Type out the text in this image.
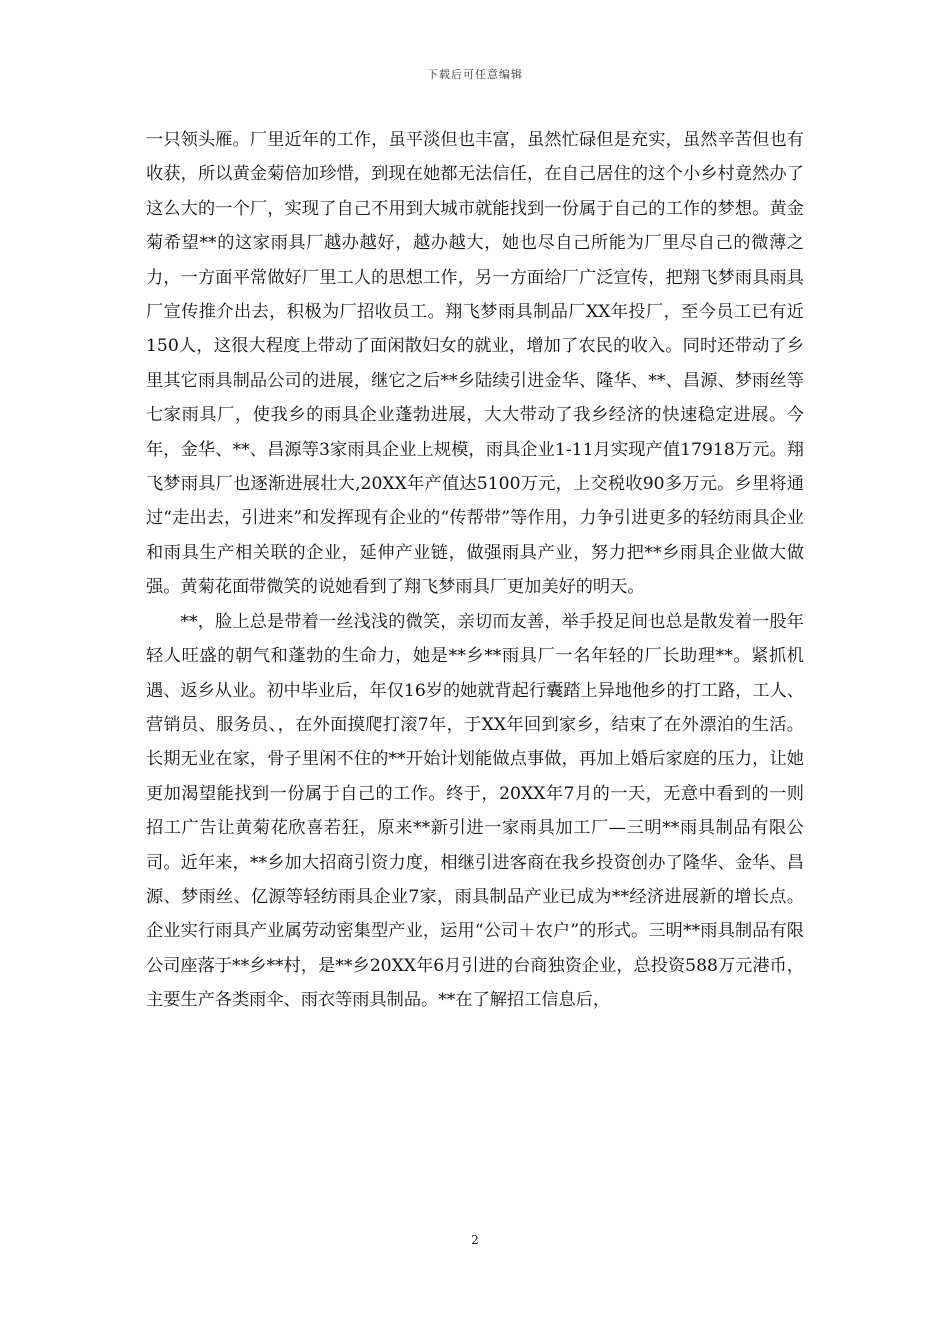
下载后可任意编辑

一只领头雁。厂里近年的工作，虽平淡但也丰富，虽然忙碌但是充实，虽然辛苦但也有收获，所以黄金菊倍加珍惜，到现在她都无法信任，在自己居住的这个小乡村竟然办了这么大的一个厂，实现了自己不用到大城市就能找到一份属于自己的工作的梦想。黄金菊希望**的这家雨具厂越办越好，越办越大，她也尽自己所能为厂里尽自己的微薄之力，一方面平常做好厂里工人的思想工作，另一方面给厂广泛宣传，把翔飞梦雨具雨具厂宣传推介出去，积极为厂招收员工。翔飞梦雨具制品厂XX年投厂，至今员工已有近150人，这很大程度上带动了面闲散妇女的就业，增加了农民的收入。同时还带动了乡里其它雨具制品公司的进展，继它之后**乡陆续引进金华、隆华、**、昌源、梦雨丝等七家雨具厂，使我乡的雨具企业蓬勃进展，大大带动了我乡经济的快速稳定进展。今年，金华、**、昌源等3家雨具企业上规模，雨具企业1-11月实现产值17918万元。翔飞梦雨具厂也逐渐进展壮大,20XX年产值达5100万元，上交税收90多万元。乡里将通过“走出去，引进来”和发挥现有企业的“传帮带”等作用，力争引进更多的轻纺雨具企业和雨具生产相关联的企业，延伸产业链，做强雨具产业，努力把**乡雨具企业做大做强。黄菊花面带微笑的说她看到了翔飞梦雨具厂更加美好的明天。

**，脸上总是带着一丝浅浅的微笑，亲切而友善，举手投足间也总是散发着一股年轻人旺盛的朝气和蓬勃的生命力，她是**乡**雨具厂一名年轻的厂长助理**。紧抓机遇、返乡从业。初中毕业后，年仅16岁的她就背起行囊踏上异地他乡的打工路，工人、营销员、服务员、，在外面摸爬打滚7年，于XX年回到家乡，结束了在外漂泊的生活。长期无业在家，骨子里闲不住的**开始计划能做点事做，再加上婚后家庭的压力，让她更加渴望能找到一份属于自己的工作。终于，20XX年7月的一天，无意中看到的一则招工广告让黄菊花欣喜若狂，原来**新引进一家雨具加工厂—三明**雨具制品有限公司。近年来，**乡加大招商引资力度，相继引进客商在我乡投资创办了隆华、金华、昌源、梦雨丝、亿源等轻纺雨具企业7家，雨具制品产业已成为**经济进展新的增长点。企业实行雨具产业属劳动密集型产业，运用“公司＋农户”的形式。三明**雨具制品有限公司座落于**乡**村，是**乡20XX年6月引进的台商独资企业，总投资588万元港币，主要生产各类雨伞、雨衣等雨具制品。**在了解招工信息后，

2
